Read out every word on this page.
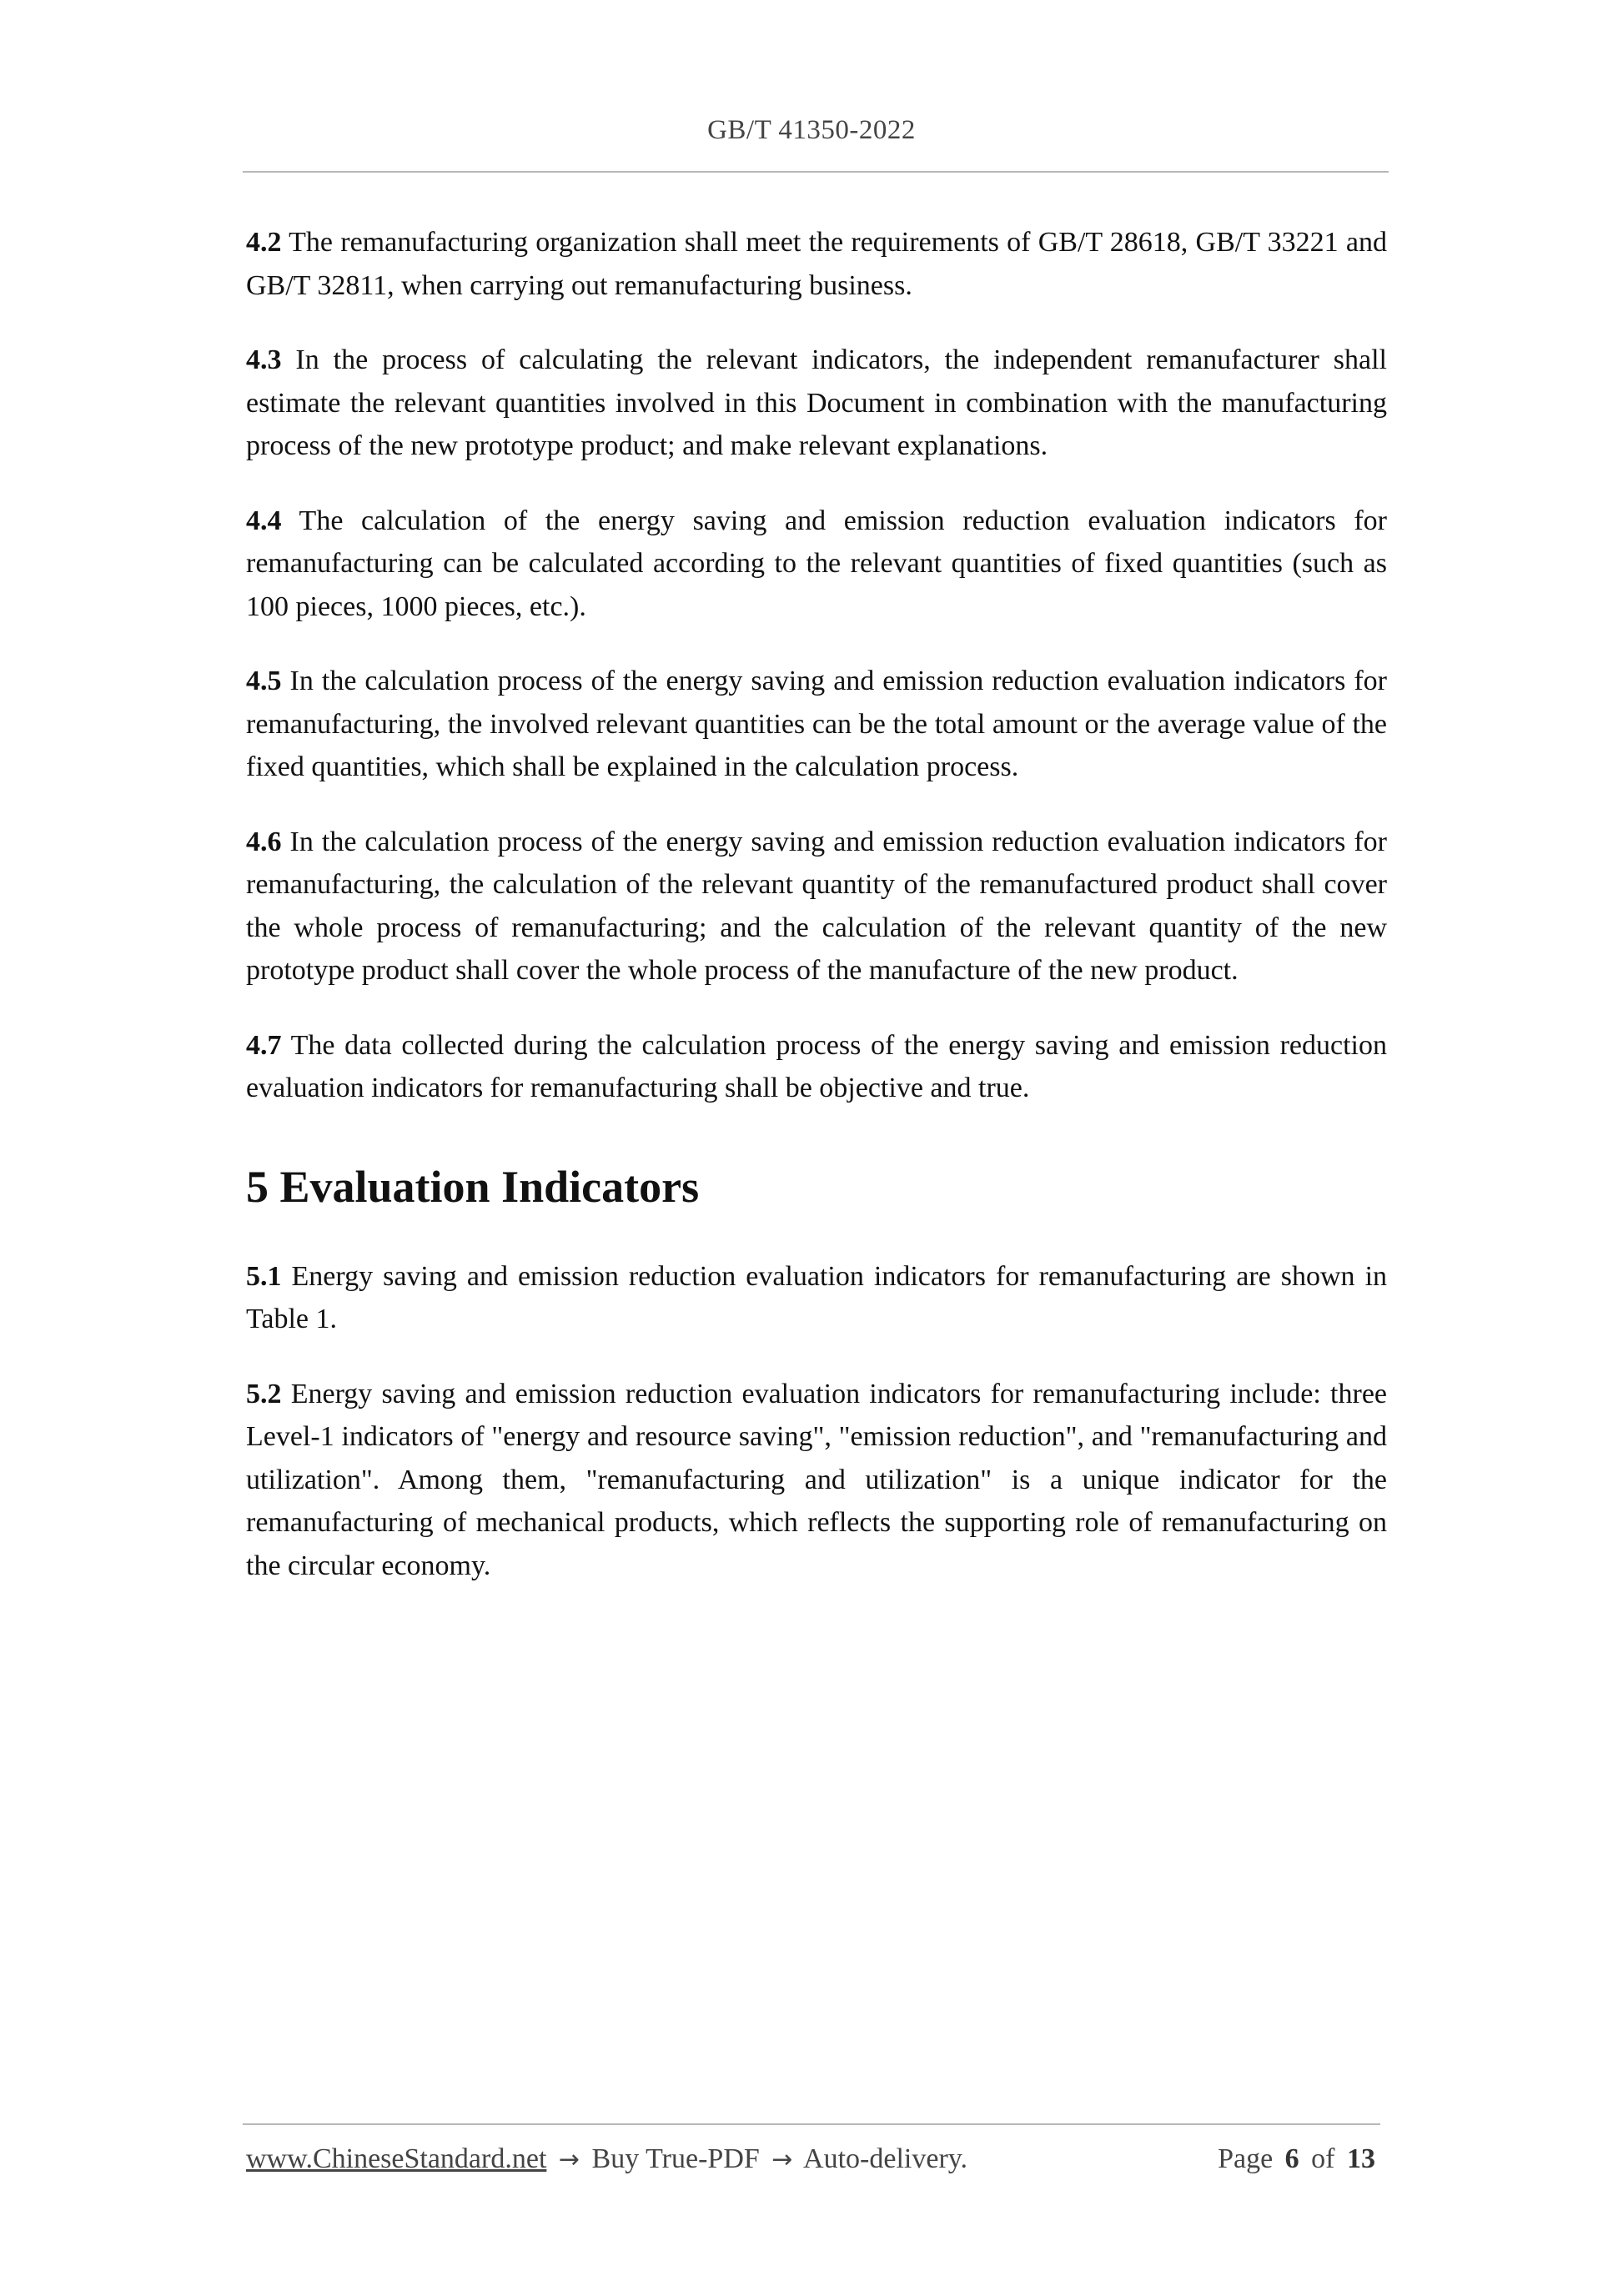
GB/T 41350-2022

4.2 The remanufacturing organization shall meet the requirements of GB/T 28618, GB/T 33221 and GB/T 32811, when carrying out remanufacturing business.

4.3 In the process of calculating the relevant indicators, the independent remanufacturer shall estimate the relevant quantities involved in this Document in combination with the manufacturing process of the new prototype product; and make relevant explanations.

4.4 The calculation of the energy saving and emission reduction evaluation indicators for remanufacturing can be calculated according to the relevant quantities of fixed quantities (such as 100 pieces, 1000 pieces, etc.).

4.5 In the calculation process of the energy saving and emission reduction evaluation indicators for remanufacturing, the involved relevant quantities can be the total amount or the average value of the fixed quantities, which shall be explained in the calculation process.

4.6 In the calculation process of the energy saving and emission reduction evaluation indicators for remanufacturing, the calculation of the relevant quantity of the remanufactured product shall cover the whole process of remanufacturing; and the calculation of the relevant quantity of the new prototype product shall cover the whole process of the manufacture of the new product.

4.7 The data collected during the calculation process of the energy saving and emission reduction evaluation indicators for remanufacturing shall be objective and true.

5 Evaluation Indicators

5.1 Energy saving and emission reduction evaluation indicators for remanufacturing are shown in Table 1.

5.2 Energy saving and emission reduction evaluation indicators for remanufacturing include: three Level-1 indicators of "energy and resource saving", "emission reduction", and "remanufacturing and utilization". Among them, "remanufacturing and utilization" is a unique indicator for the remanufacturing of mechanical products, which reflects the supporting role of remanufacturing on the circular economy.

www.ChineseStandard.net → Buy True-PDF → Auto-delivery.	Page 6 of 13
